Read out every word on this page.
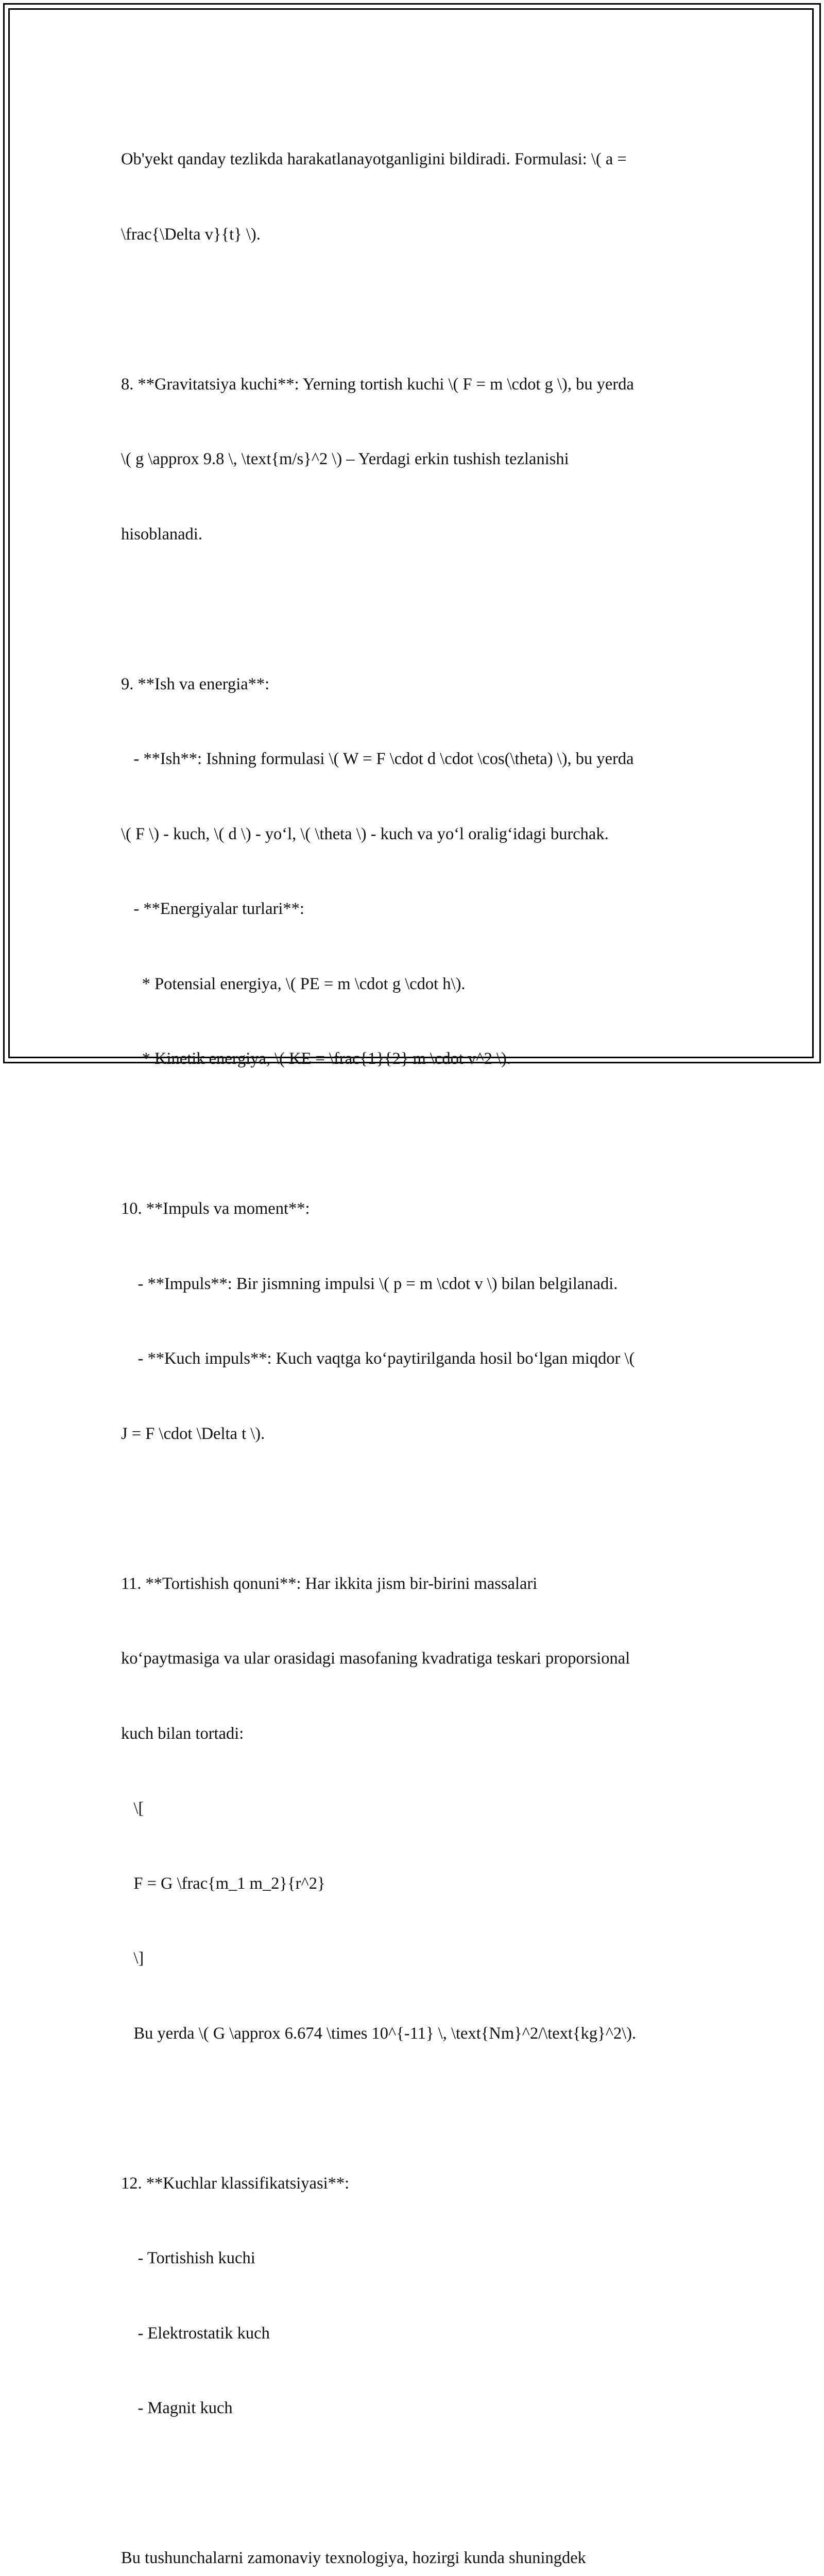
Ob'yekt qanday tezlikda harakatlanayotganligini bildiradi. Formulasi: \( a =

\frac{\Delta v}{t} \).

8. **Gravitatsiya kuchi**: Yerning tortish kuchi \( F = m \cdot g \), bu yerda

\( g \approx 9.8 \, \text{m/s}^2 \) – Yerdagi erkin tushish tezlanishi

hisoblanadi.

9. **Ish va energia**:

- **Ish**: Ishning formulasi \( W = F \cdot d \cdot \cos(\theta) \), bu yerda

\( F \) - kuch, \( d \) - yo‘l, \( \theta \) - kuch va yo‘l oralig‘idagi burchak.

- **Energiyalar turlari**:

* Potensial energiya, \( PE = m \cdot g \cdot h\).

* Kinetik energiya, \( KE = \frac{1}{2} m \cdot v^2 \).

10. **Impuls va moment**:

- **Impuls**: Bir jismning impulsi \( p = m \cdot v \) bilan belgilanadi.

- **Kuch impuls**: Kuch vaqtga ko‘paytirilganda hosil bo‘lgan miqdor \(

J = F \cdot \Delta t \).

11. **Tortishish qonuni**: Har ikkita jism bir-birini massalari

ko‘paytmasiga va ular orasidagi masofaning kvadratiga teskari proporsional

kuch bilan tortadi:

\[

F = G \frac{m_1 m_2}{r^2}

\]

Bu yerda \( G \approx 6.674 \times 10^{-11} \, \text{Nm}^2/\text{kg}^2\).

12. **Kuchlar klassifikatsiyasi**:

- Tortishish kuchi

- Elektrostatik kuch

- Magnit kuch

Bu tushunchalarni zamonaviy texnologiya, hozirgi kunda shuningdek
